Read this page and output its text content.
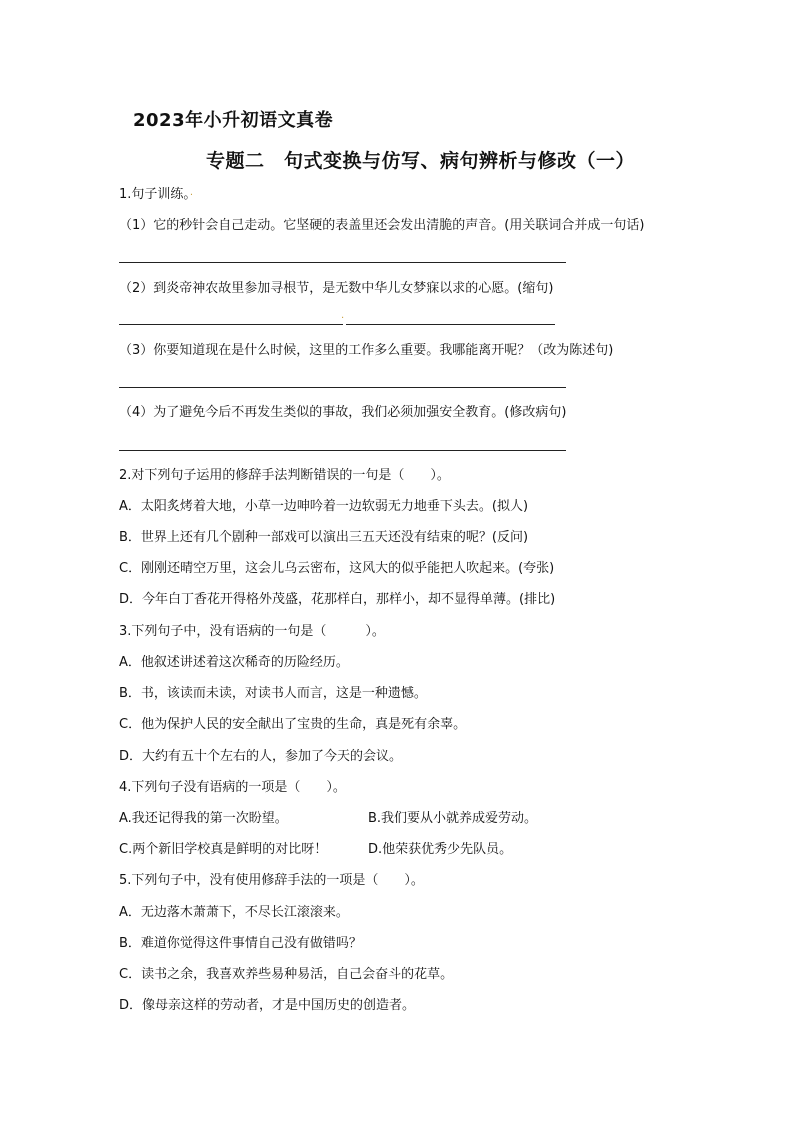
2023年小升初语文真卷
专题二　句式变换与仿写、病句辨析与修改（一）
1.句子训练。·
（1）它的秒针会自己走动。它坚硬的表盖里还会发出清脆的声音。(用关联词合并成一句话)
（2）到炎帝神农故里参加寻根节，是无数中华儿女梦寐以求的心愿。(缩句)
·
（3）你要知道现在是什么时候，这里的工作多么重要。我哪能离开呢？（改为陈述句)
（4）为了避免今后不再发生类似的事故，我们必须加强安全教育。(修改病句)
2.对下列句子运用的修辞手法判断错误的一句是（　　）。
A．太阳炙烤着大地，小草一边呻吟着一边软弱无力地垂下头去。(拟人)
B．世界上还有几个剧种一部戏可以演出三五天还没有结束的呢？(反问)
C．刚刚还晴空万里，这会儿乌云密布，这风大的似乎能把人吹起来。(夸张)
D．今年白丁香花开得格外茂盛，花那样白，那样小，却不显得单薄。(排比)
3.下列句子中，没有语病的一句是（　　　）。
A．他叙述讲述着这次稀奇的历险经历。
B．书，该读而未读，对读书人而言，这是一种遗憾。
C．他为保护人民的安全献出了宝贵的生命，真是死有余辜。
D．大约有五十个左右的人，参加了今天的会议。
4.下列句子没有语病的一项是（　　）。
A.我还记得我的第一次盼望。	B.我们要从小就养成爱劳动。
C.两个新旧学校真是鲜明的对比呀！	D.他荣获优秀少先队员。
5.下列句子中，没有使用修辞手法的一项是（　　）。
A．无边落木萧萧下，不尽长江滚滚来。
B．难道你觉得这件事情自己没有做错吗？
C．读书之余，我喜欢养些易种易活，自己会奋斗的花草。
D．像母亲这样的劳动者，才是中国历史的创造者。
